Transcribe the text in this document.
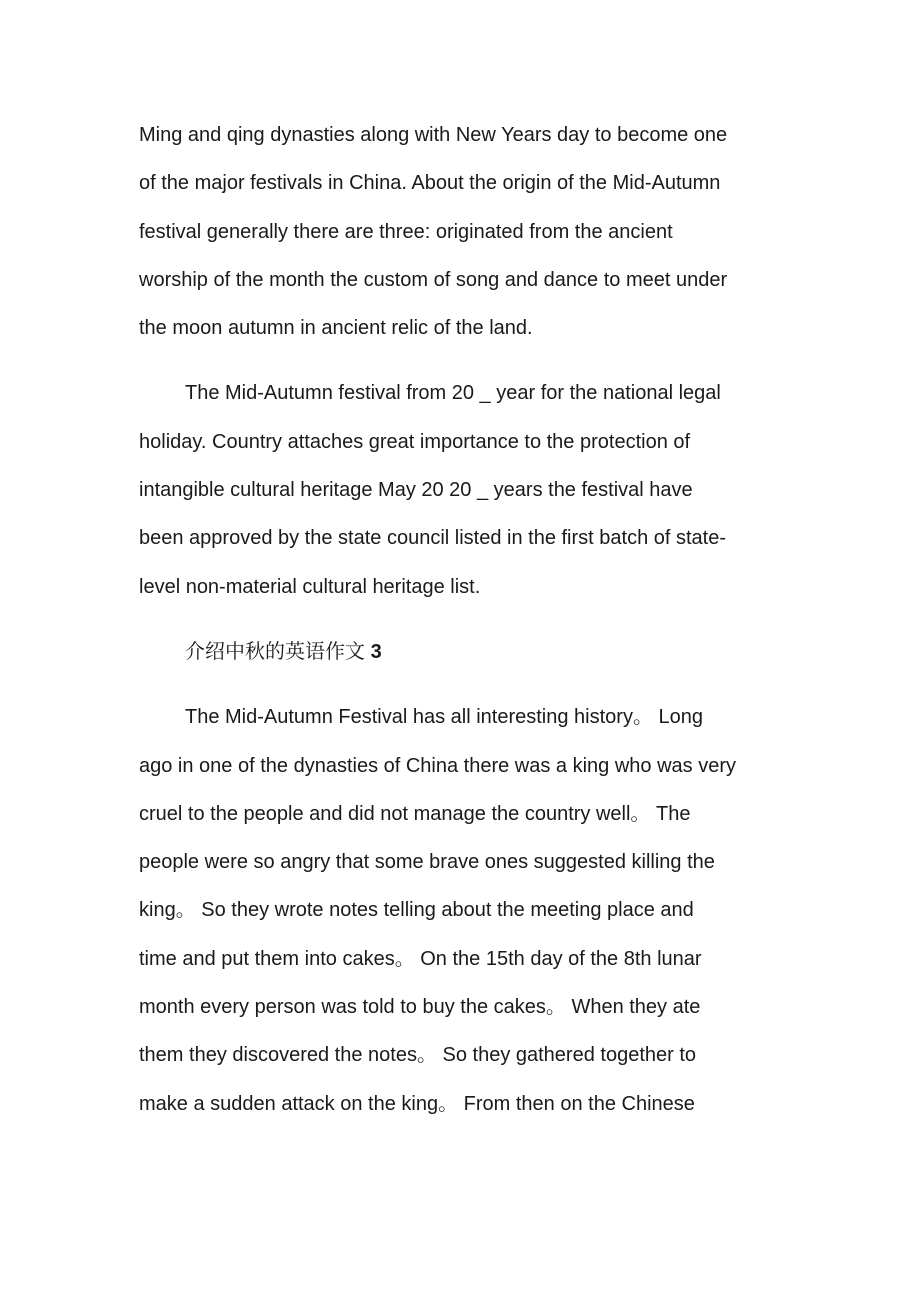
Ming and qing dynasties along with New Years day to become one

of the major festivals in China. About the origin of the Mid-Autumn

festival generally there are three: originated from the ancient

worship of the month the custom of song and dance to meet under

the moon autumn in ancient relic of the land.

The Mid-Autumn festival from 20 _ year for the national legal

holiday. Country attaches great importance to the protection of

intangible cultural heritage May 20 20 _ years the festival have

been approved by the state council listed in the first batch of state-

level non-material cultural heritage list.

介绍中秋的英语作文 3

The Mid-Autumn Festival has all interesting history。 Long

ago in one of the dynasties of China there was a king who was very

cruel to the people and did not manage the country well。 The

people were so angry that some brave ones suggested killing the

king。 So they wrote notes telling about the meeting place and

time and put them into cakes。 On the 15th day of the 8th lunar

month every person was told to buy the cakes。 When they ate

them they discovered the notes。 So they gathered together to

make a sudden attack on the king。 From then on the Chinese
